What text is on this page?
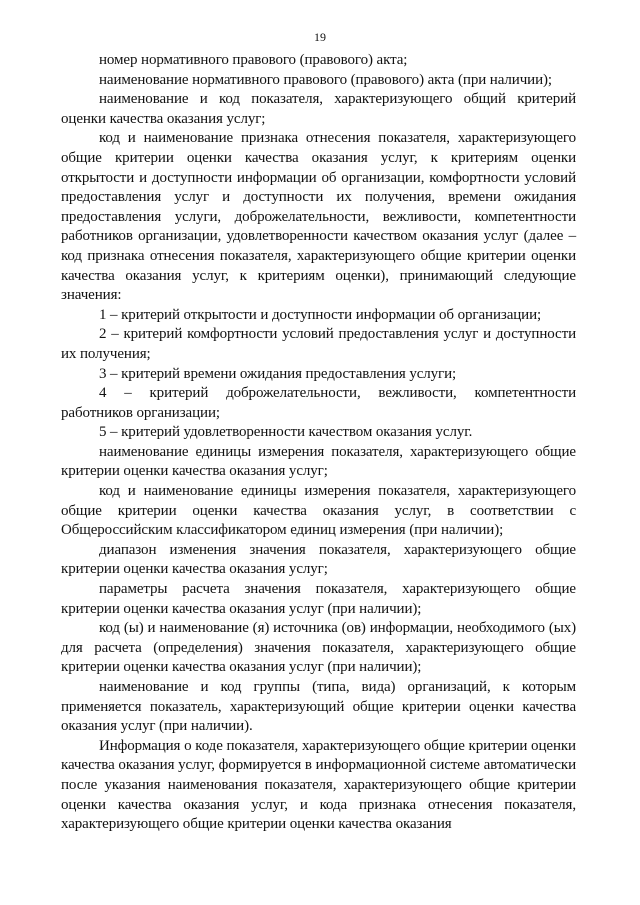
19

номер нормативного правового (правового) акта;

наименование нормативного правового (правового) акта (при наличии);

наименование и код показателя, характеризующего общий критерий оценки качества оказания услуг;

код и наименование признака отнесения показателя, характеризующего общие критерии оценки качества оказания услуг, к критериям оценки открытости и доступности информации об организации, комфортности условий предоставления услуг и доступности их получения, времени ожидания предоставления услуги, доброжелательности, вежливости, компетентности работников организации, удовлетворенности качеством оказания услуг (далее – код признака отнесения показателя, характеризующего общие критерии оценки качества оказания услуг, к критериям оценки), принимающий следующие значения:

1 – критерий открытости и доступности информации об организации;

2 – критерий комфортности условий предоставления услуг и доступности их получения;

3 – критерий времени ожидания предоставления услуги;

4 – критерий доброжелательности, вежливости, компетентности работников организации;

5 – критерий удовлетворенности качеством оказания услуг.

наименование единицы измерения показателя, характеризующего общие критерии оценки качества оказания услуг;

код и наименование единицы измерения показателя, характеризующего общие критерии оценки качества оказания услуг, в соответствии с Общероссийским классификатором единиц измерения (при наличии);

диапазон изменения значения показателя, характеризующего общие критерии оценки качества оказания услуг;

параметры расчета значения показателя, характеризующего общие критерии оценки качества оказания услуг (при наличии);

код (ы) и наименование (я) источника (ов) информации, необходимого (ых) для расчета (определения) значения показателя, характеризующего общие критерии оценки качества оказания услуг (при наличии);

наименование и код группы (типа, вида) организаций, к которым применяется показатель, характеризующий общие критерии оценки качества оказания услуг (при наличии).

Информация о коде показателя, характеризующего общие критерии оценки качества оказания услуг, формируется в информационной системе автоматически после указания наименования показателя, характеризующего общие критерии оценки качества оказания услуг, и кода признака отнесения показателя, характеризующего общие критерии оценки качества оказания
